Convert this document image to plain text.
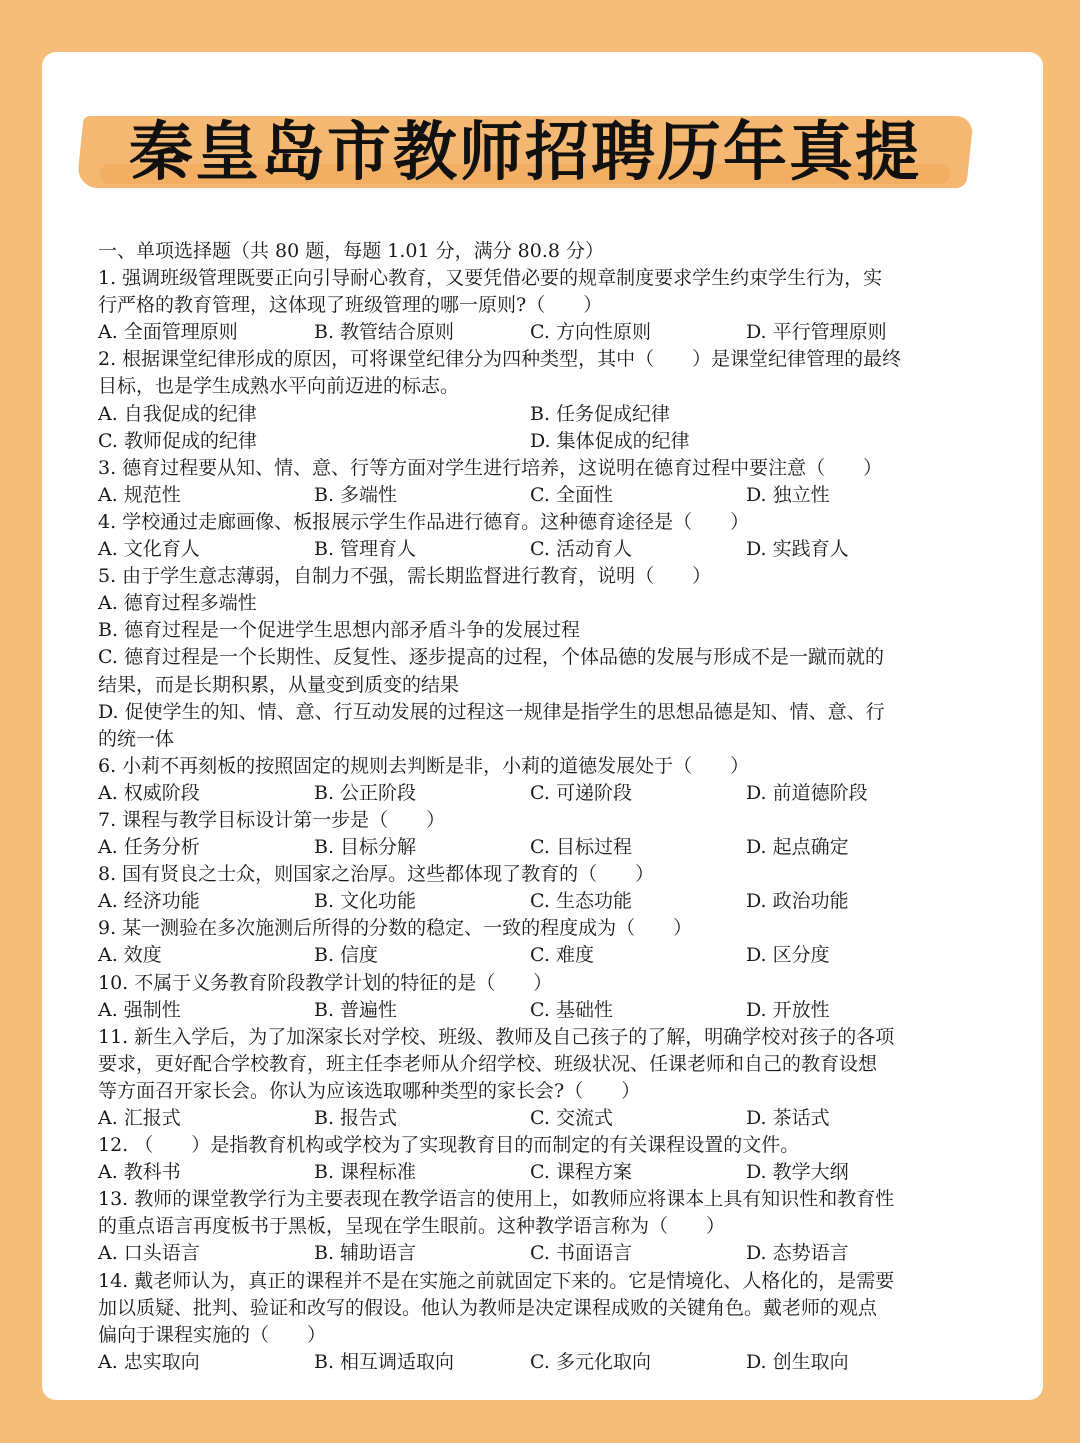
秦皇岛市教师招聘历年真提
一、单项选择题（共 80 题，每题 1.01 分，满分 80.8 分）
1. 强调班级管理既要正向引导耐心教育，又要凭借必要的规章制度要求学生约束学生行为，实
行严格的教育管理，这体现了班级管理的哪一原则?（　　）
A. 全面管理原则	B. 教管结合原则	C. 方向性原则	D. 平行管理原则
2. 根据课堂纪律形成的原因，可将课堂纪律分为四种类型，其中（　　）是课堂纪律管理的最终
目标，也是学生成熟水平向前迈进的标志。
A. 自我促成的纪律	B. 任务促成纪律
C. 教师促成的纪律	D. 集体促成的纪律
3. 德育过程要从知、情、意、行等方面对学生进行培养，这说明在德育过程中要注意（　　）
A. 规范性	B. 多端性	C. 全面性	D. 独立性
4. 学校通过走廊画像、板报展示学生作品进行德育。这种德育途径是（　　）
A. 文化育人	B. 管理育人	C. 活动育人	D. 实践育人
5. 由于学生意志薄弱，自制力不强，需长期监督进行教育，说明（　　）
A. 德育过程多端性
B. 德育过程是一个促进学生思想内部矛盾斗争的发展过程
C. 德育过程是一个长期性、反复性、逐步提高的过程，个体品德的发展与形成不是一蹴而就的
结果，而是长期积累，从量变到质变的结果
D. 促使学生的知、情、意、行互动发展的过程这一规律是指学生的思想品德是知、情、意、行
的统一体
6. 小莉不再刻板的按照固定的规则去判断是非，小莉的道德发展处于（　　）
A. 权威阶段	B. 公正阶段	C. 可递阶段	D. 前道德阶段
7. 课程与教学目标设计第一步是（　　）
A. 任务分析	B. 目标分解	C. 目标过程	D. 起点确定
8. 国有贤良之士众，则国家之治厚。这些都体现了教育的（　　）
A. 经济功能	B. 文化功能	C. 生态功能	D. 政治功能
9. 某一测验在多次施测后所得的分数的稳定、一致的程度成为（　　）
A. 效度	B. 信度	C. 难度	D. 区分度
10. 不属于义务教育阶段教学计划的特征的是（　　）
A. 强制性	B. 普遍性	C. 基础性	D. 开放性
11. 新生入学后，为了加深家长对学校、班级、教师及自己孩子的了解，明确学校对孩子的各项
要求，更好配合学校教育，班主任李老师从介绍学校、班级状况、任课老师和自己的教育设想
等方面召开家长会。你认为应该选取哪种类型的家长会?（　　）
A. 汇报式	B. 报告式	C. 交流式	D. 茶话式
12. （　　）是指教育机构或学校为了实现教育目的而制定的有关课程设置的文件。
A. 教科书	B. 课程标准	C. 课程方案	D. 教学大纲
13. 教师的课堂教学行为主要表现在教学语言的使用上，如教师应将课本上具有知识性和教育性
的重点语言再度板书于黑板，呈现在学生眼前。这种教学语言称为（　　）
A. 口头语言	B. 辅助语言	C. 书面语言	D. 态势语言
14. 戴老师认为，真正的课程并不是在实施之前就固定下来的。它是情境化、人格化的，是需要
加以质疑、批判、验证和改写的假设。他认为教师是决定课程成败的关键角色。戴老师的观点
偏向于课程实施的（　　）
A. 忠实取向	B. 相互调适取向	C. 多元化取向	D. 创生取向
